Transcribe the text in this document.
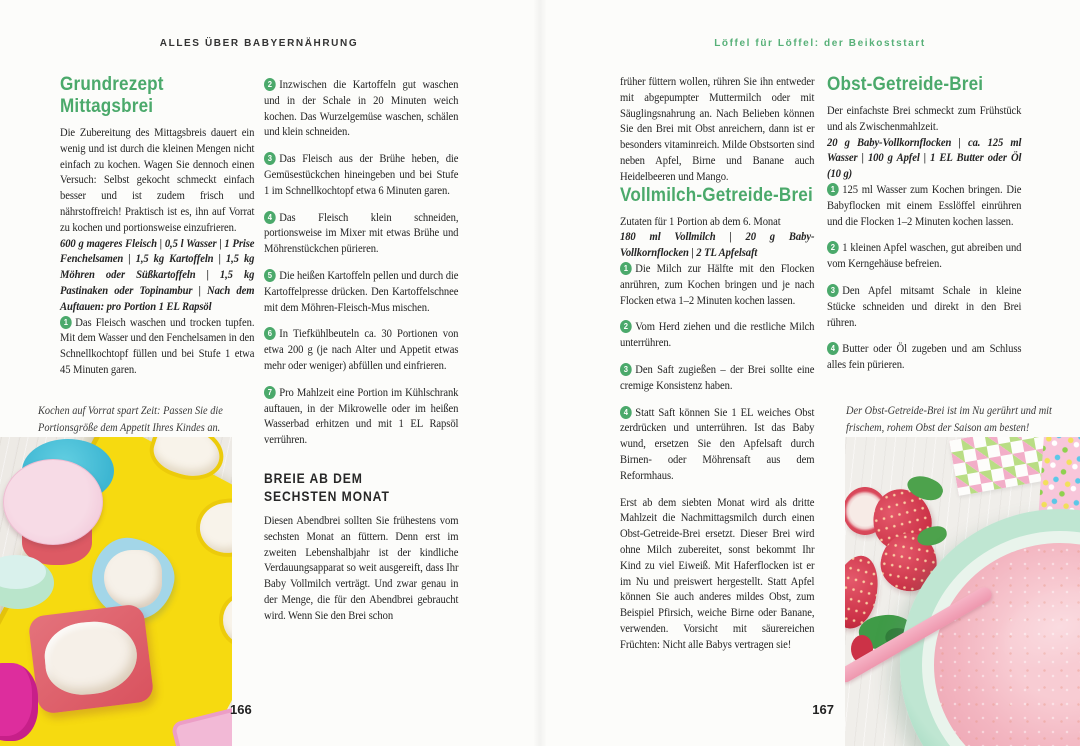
ALLES ÜBER BABYERNÄHRUNG	Löffel für Löffel: der Beikoststart
Grundrezept Mittagsbrei

Die Zubereitung des Mittagsbreis dauert ein wenig und ist durch die kleinen Mengen nicht einfach zu kochen. Wagen Sie dennoch einen Versuch: Selbst gekocht schmeckt einfach besser und ist zudem frisch und nährstoffreich! Praktisch ist es, ihn auf Vorrat zu kochen und portionsweise einzufrieren.

600 g mageres Fleisch | 0,5 l Wasser | 1 Prise Fenchelsamen | 1,5 kg Kartoffeln | 1,5 kg Möhren oder Süßkartoffeln | 1,5 kg Pastinaken oder Topinambur | Nach dem Auftauen: pro Portion 1 EL Rapsöl

1 Das Fleisch waschen und trocken tupfen. Mit dem Wasser und den Fenchelsamen in den Schnellkochtopf füllen und bei Stufe 1 etwa 45 Minuten garen.

2 Inzwischen die Kartoffeln gut waschen und in der Schale in 20 Minuten weich kochen. Das Wurzelgemüse waschen, schälen und klein schneiden.

3 Das Fleisch aus der Brühe heben, die Gemüsestückchen hineingeben und bei Stufe 1 im Schnellkochtopf etwa 6 Minuten garen.

4 Das Fleisch klein schneiden, portionsweise im Mixer mit etwas Brühe und Möhrenstückchen pürieren.

5 Die heißen Kartoffeln pellen und durch die Kartoffelpresse drücken. Den Kartoffelschnee mit dem Möhren-Fleisch-Mus mischen.

6 In Tiefkühlbeuteln ca. 30 Portionen von etwa 200 g (je nach Alter und Appetit etwas mehr oder weniger) abfüllen und einfrieren.

7 Pro Mahlzeit eine Portion im Kühlschrank auftauen, in der Mikrowelle oder im heißen Wasserbad erhitzen und mit 1 EL Rapsöl verrühren.

BREIE AB DEM SECHSTEN MONAT

Diesen Abendbrei sollten Sie frühestens vom sechsten Monat an füttern. Denn erst im zweiten Lebenshalbjahr ist der kindliche Verdauungsapparat so weit ausgereift, dass Ihr Baby Vollmilch verträgt. Und zwar genau in der Menge, die für den Abendbrei gebraucht wird. Wenn Sie den Brei schon

früher füttern wollen, rühren Sie ihn entweder mit abgepumpter Muttermilch oder mit Säuglingsnahrung an. Nach Belieben können Sie den Brei mit Obst anreichern, dann ist er besonders vitaminreich. Milde Obstsorten sind neben Apfel, Birne und Banane auch Heidelbeeren und Mango.

Vollmilch-Getreide-Brei

Zutaten für 1 Portion ab dem 6. Monat

180 ml Vollmilch | 20 g Baby-Vollkornflocken | 2 TL Apfelsaft

1 Die Milch zur Hälfte mit den Flocken anrühren, zum Kochen bringen und je nach Flocken etwa 1–2 Minuten kochen lassen.

2 Vom Herd ziehen und die restliche Milch unterrühren.

3 Den Saft zugießen – der Brei sollte eine cremige Konsistenz haben.

4 Statt Saft können Sie 1 EL weiches Obst zerdrücken und unterrühren. Ist das Baby wund, ersetzen Sie den Apfelsaft durch Birnen- oder Möhrensaft aus dem Reformhaus.

Erst ab dem siebten Monat wird als dritte Mahlzeit die Nachmittagsmilch durch einen Obst-Getreide-Brei ersetzt. Dieser Brei wird ohne Milch zubereitet, sonst bekommt Ihr Kind zu viel Eiweiß. Mit Haferflocken ist er im Nu und preiswert hergestellt. Statt Apfel können Sie auch anderes mildes Obst, zum Beispiel Pfirsich, weiche Birne oder Banane, verwenden. Vorsicht mit säurereichen Früchten: Nicht alle Babys vertragen sie!

Obst-Getreide-Brei

Der einfachste Brei schmeckt zum Frühstück und als Zwischenmahlzeit.

20 g Baby-Vollkornflocken | ca. 125 ml Wasser | 100 g Apfel | 1 EL Butter oder Öl (10 g)

1 125 ml Wasser zum Kochen bringen. Die Babyflocken mit einem Esslöffel einrühren und die Flocken 1–2 Minuten kochen lassen.

2 1 kleinen Apfel waschen, gut abreiben und vom Kerngehäuse befreien.

3 Den Apfel mitsamt Schale in kleine Stücke schneiden und direkt in den Brei rühren.

4 Butter oder Öl zugeben und am Schluss alles fein pürieren.

Kochen auf Vorrat spart Zeit: Passen Sie die Portionsgröße dem Appetit Ihres Kindes an.
Der Obst-Getreide-Brei ist im Nu gerührt und mit frischem, rohem Obst der Saison am besten!
166	167
